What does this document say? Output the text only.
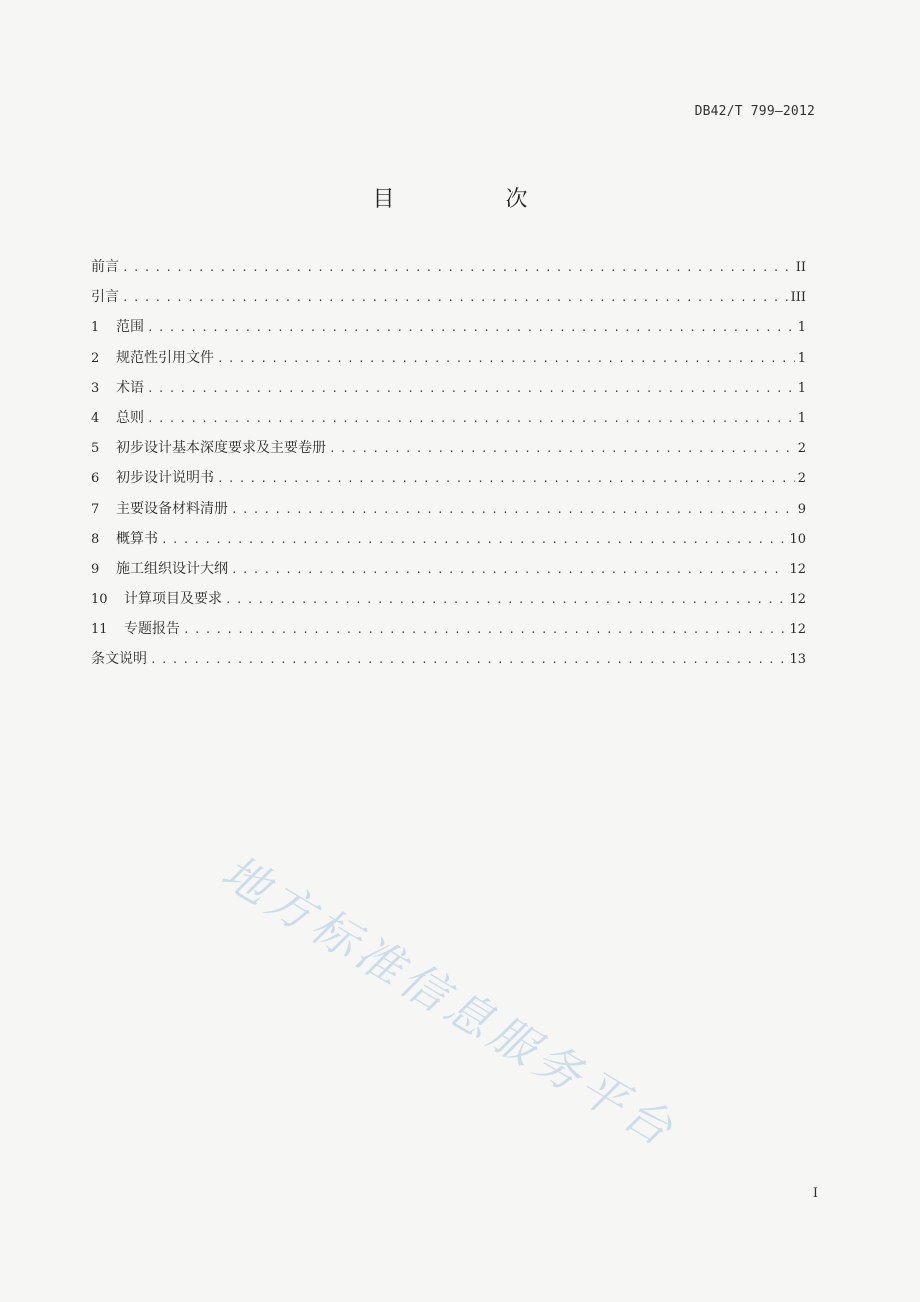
DB42/T 799—2012
目 次
前言 . . .	II
引言 . . .	III
1	范围 . . .	1
2	规范性引用文件 . . .	1
3	术语 . . .	1
4	总则 . . .	1
5	初步设计基本深度要求及主要卷册 . . .	2
6	初步设计说明书 . . .	2
7	主要设备材料清册 . . .	9
8	概算书 . . .	10
9	施工组织设计大纲 . . .	12
10	计算项目及要求 . . .	12
11	专题报告 . . .	12
条文说明 . . .	13
地方标准信息服务平台
I
